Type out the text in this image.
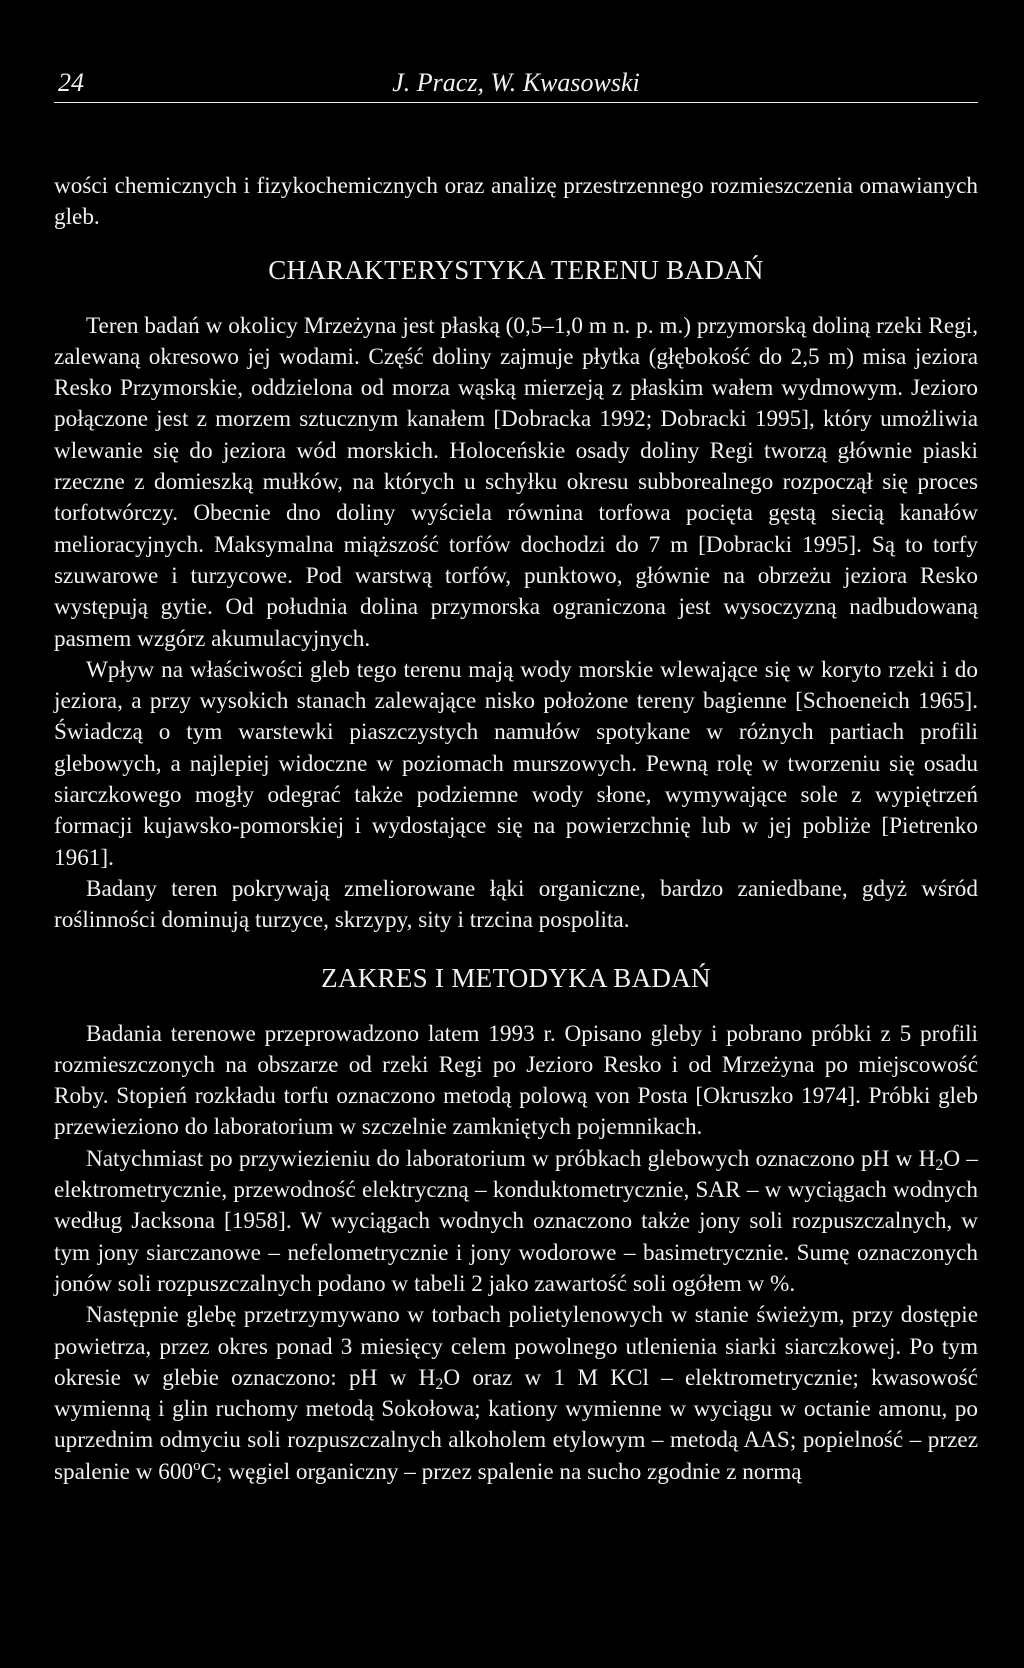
24	J. Pracz, W. Kwasowski

wości chemicznych i fizykochemicznych oraz analizę przestrzennego rozmieszczenia omawianych gleb.

CHARAKTERYSTYKA TERENU BADAŃ

Teren badań w okolicy Mrzeżyna jest płaską (0,5–1,0 m n. p. m.) przymorską doliną rzeki Regi, zalewaną okresowo jej wodami. Część doliny zajmuje płytka (głębokość do 2,5 m) misa jeziora Resko Przymorskie, oddzielona od morza wąską mierzeją z płaskim wałem wydmowym. Jezioro połączone jest z morzem sztucznym kanałem [Dobracka 1992; Dobracki 1995], który umożliwia wlewanie się do jeziora wód morskich. Holoceńskie osady doliny Regi tworzą głównie piaski rzeczne z domieszką mułków, na których u schyłku okresu subborealnego rozpoczął się proces torfotwórczy. Obecnie dno doliny wyściela równina torfowa pocięta gęstą siecią kanałów melioracyjnych. Maksymalna miąższość torfów dochodzi do 7 m [Dobracki 1995]. Są to torfy szuwarowe i turzycowe. Pod warstwą torfów, punktowo, głównie na obrzeżu jeziora Resko występują gytie. Od południa dolina przymorska ograniczona jest wysoczyzną nadbudowaną pasmem wzgórz akumulacyjnych.

Wpływ na właściwości gleb tego terenu mają wody morskie wlewające się w koryto rzeki i do jeziora, a przy wysokich stanach zalewające nisko położone tereny bagienne [Schoeneich 1965]. Świadczą o tym warstewki piaszczystych namułów spotykane w różnych partiach profili glebowych, a najlepiej widoczne w poziomach murszowych. Pewną rolę w tworzeniu się osadu siarczkowego mogły odegrać także podziemne wody słone, wymywające sole z wypiętrzeń formacji kujawsko-pomorskiej i wydostające się na powierzchnię lub w jej pobliże [Pietrenko 1961].

Badany teren pokrywają zmeliorowane łąki organiczne, bardzo zaniedbane, gdyż wśród roślinności dominują turzyce, skrzypy, sity i trzcina pospolita.

ZAKRES I METODYKA BADAŃ

Badania terenowe przeprowadzono latem 1993 r. Opisano gleby i pobrano próbki z 5 profili rozmieszczonych na obszarze od rzeki Regi po Jezioro Resko i od Mrzeżyna po miejscowość Roby. Stopień rozkładu torfu oznaczono metodą polową von Posta [Okruszko 1974]. Próbki gleb przewieziono do laboratorium w szczelnie zamkniętych pojemnikach.

Natychmiast po przywiezieniu do laboratorium w próbkach glebowych oznaczono pH w $H_2O$ – elektrometrycznie, przewodność elektryczną – konduktometrycznie, SAR – w wyciągach wodnych według Jacksona [1958]. W wyciągach wodnych oznaczono także jony soli rozpuszczalnych, w tym jony siarczanowe – nefelometrycznie i jony wodorowe – basimetrycznie. Sumę oznaczonych jonów soli rozpuszczalnych podano w tabeli 2 jako zawartość soli ogółem w %.

Następnie glebę przetrzymywano w torbach polietylenowych w stanie świeżym, przy dostępie powietrza, przez okres ponad 3 miesięcy celem powolnego utlenienia siarki siarczkowej. Po tym okresie w glebie oznaczono: pH w $H_2O$ oraz w 1 M KCl – elektrometrycznie; kwasowość wymienną i glin ruchomy metodą Sokołowa; kationy wymienne w wyciągu w octanie amonu, po uprzednim odmyciu soli rozpuszczalnych alkoholem etylowym – metodą AAS; popielność – przez spalenie w 600$^o$C; węgiel organiczny – przez spalenie na sucho zgodnie z normą
